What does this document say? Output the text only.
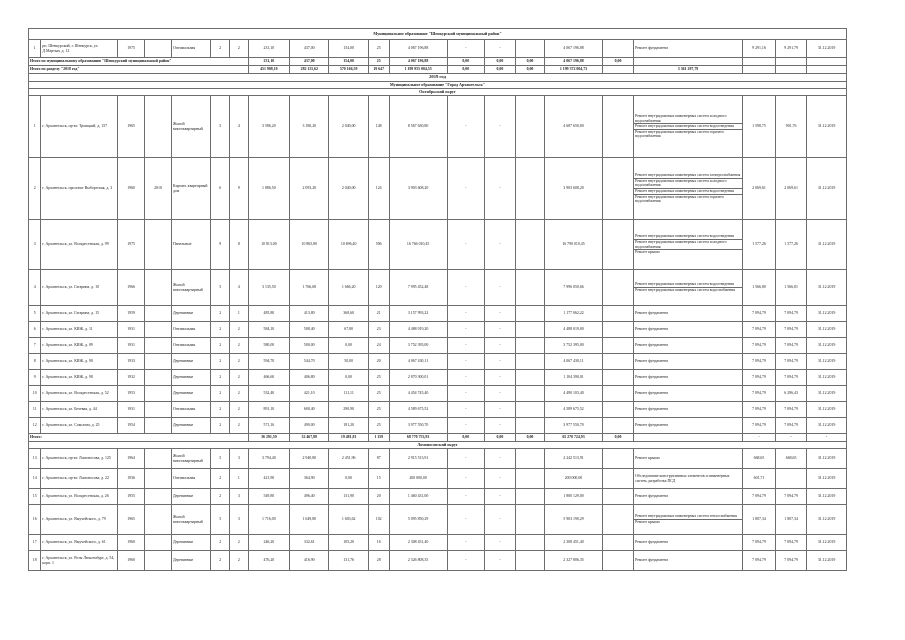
Муниципальное образование "Шенкурский муниципальный район"																				
1	рп. Шенкурский, г. Шенкурск, ул. Д.Мартын, д. 12	1975		Оптимальная	2	2	231,10	437,00	154,00	25	4 067 196,88	-	-		4 067 196,88		Ремонт фундамента	9 291,16	9 291,79	31.12.2019
Итого по муниципальному образованию "Шенкурский муниципальный район"							231,10	437,00	154,00	25	4 067 196,88	0,00	0,00	0,00	4 067 196,88	0,00				
Итого по разделу "2018 год"							451 908,10	282 115,62	570 166,59	19 647	1 199 955 004,55	0,00	0,00	0,00	1 199 372 004,73		3 361 297,79			
2019 год																				
Муниципальное образование "Город Архангельск"																				
Октябрьский округ																				
1	г. Архангельск, пр-кт. Троицкий, д. 157	1965		Жилой многоквартирный	5	4	3 586,20	3 180,20	2 040,00	148	8 567 630,80	-	-		4 687 650,00		Ремонт внутридомовых инженерных систем холодного водоснабжения
Ремонт внутридомовых инженерных систем водоотведения
Ремонт внутридомовых инженерных систем горячего водоснабжения	1 598,75	901,76	31.12.2019
2	г. Архангельск, проспект Выборгская, д. 3	1960	2010	Кирпич. квартирный дом	6	9	1 886,50	2 093,20	2 040,00	124	3 903 608,20	-	-		3 903 608,20		Ремонт внутридомовых инженерных систем электроснабжения
Ремонт внутридомовых инженерных систем холодного водоснабжения
Ремонт внутридомовых инженерных систем водоотведения
Ремонт внутридомовых инженерных систем горячего водоснабжения	2 069,61	2 069,61	31.12.2019
3	г. Архангельск, ул. Воскресенская, д. 99	1975		Панельные	9	8	10 813,00	10 865,80	10 696,40	506	16 766 010,45	-	-		16 790 010,45		Ремонт внутридомовых инженерных систем водоотведения
Ремонт внутридомовых инженерных систем холодного водоснабжения
Ремонт крыши	1 577,26	1 577,26	31.12.2019
4	г. Архангельск, ул. Гагарина, д. 10	1966		Жилой многоквартирный	5	4	3 135,50	1 766,68	1 666,20	120	7 995 452,48	-	-		7 996 050,66		Ремонт внутридомовых инженерных систем водоотведения
Ремонт внутридомовых инженерных систем водоснабжения	1 566,80	1 566,81	31.12.2019
5	г. Архангельск, ул. Гагарина, д. 15	1959		Деревянные	2	1	485,80	413,80	360,60	21	3 157 993,22	-	-		1 177 062,22		Ремонт фундамента	7 094,79	7 094,79	31.12.2019
6	г. Архангельск, ул. КИЖ, д. 11	1931		Оптимальная	2	2	584,10	508,40	67,80	23	4 488 019,20	-	-		4 488 019,00		Ремонт фундамента	7 094,79	7 094,79	31.12.2019
7	г. Архангельск, ул. КИЖ, д. 89	1931		Оптимальная	2	2	580,00	500,00	0,00	24	3 752 395,00	-	-		3 752 395,00		Ремонт фундамента	7 094,79	7 094,79	31.12.2019
8	г. Архангельск, ул. КИЖ, д. 90	1933		Деревянные	2	2	594,70	544,70	50,00	20	4 067 430,11	-	-		4 067 430,11		Ремонт фундамента	7 094,79	7 094,79	31.12.2019
9	г. Архангельск, ул. КИЖ, д. 98	1932		Деревянные	2	2	466,60	406,80	0,00	25	2 870 300,01	-	-		1 104 390,01		Ремонт фундамента	7 094,79	7 094,79	31.12.2019
10	г. Архангельск, ул. Воскресенская, д. 52	1953		Деревянные	2	2	532,40	421,10	111,11	25	4 454 745,40	-	-		4 490 103,40		Ремонт фундамента	7 094,79	6 296,43	31.12.2019
11	г. Архангельск, ул. Бечевая, д. 44	1931		Оптимальная	2	2	891,10	600,40	290,90	25	4 589 675,52	-	-		4 589 675,52		Ремонт фундамента	7 094,79	7 094,79	31.12.2019
12	г. Архангельск, ул. Соколова, д. 25	1954		Деревянные	2	2	571,16	490,00	181,20	25	3 977 550,70	-	-		3 977 550,70		Ремонт фундамента	7 094,79	7 094,79	31.12.2019
Итого:							36 291,59	32 467,88	19 481,81	1 159	68 770 753,93	0,00	0,00	0,00	65 270 724,93	0,00		-	-	-
Ломоносовский округ																				
13	г. Архангельск, пр-кт. Ломоносова, д. 125	1964		Жилой многоквартирный	5	3	3 794,40	2 940,80	2 451,96	87	2 915 513,91	-	-		2 242 513,91		Ремонт крыши	668,65	668,65	31.12.2019
14	г. Архангельск, пр-кт. Ломоносова, д. 22	1936		Оптимальная	2	1	421,90	364,90	0,00	15	200 000,00	-	-		200 000,00		Обследование конструктивных элементов и инженерных систем, разработка ПСД	601,71		31.12.2019
15	г. Архангельск, ул. Воскресенская, д. 26	1955		Деревянные	2	3	549,80	496,40	131,90	20	1 460 431,00	-	-		1 800 129,00		Ремонт фундамента	7 094,79	7 094,79	31.12.2019
16	г. Архангельск, ул. Выучейского, д. 79	1965		Жилой многоквартирный	5	3	1 716,00	1 649,80	1 603,62	102	5 095 850,29	-	-		5 903 190,29		Ремонт внутридомовых инженерных систем теплоснабжения
Ремонт крыши	1 807,34	1 807,34	31.12.2019
17	г. Архангельск, ул. Выучейского, д. 61	1960		Деревянные	2	2	246,20	332,61	105,20	16	2 308 451,40	-	-		2 308 451,40		Ремонт фундамента	7 094,79	7 094,79	31.12.2019
18	г. Архангельск, ул. Розы Люксембург, д. 54, корп. 1	1960		Деревянные	2	2	476,20	416,90	131,76	28	2 326 808,35	-	-		2 327 806,35		Ремонт фундамента	7 094,79	7 094,79	31.12.2019
